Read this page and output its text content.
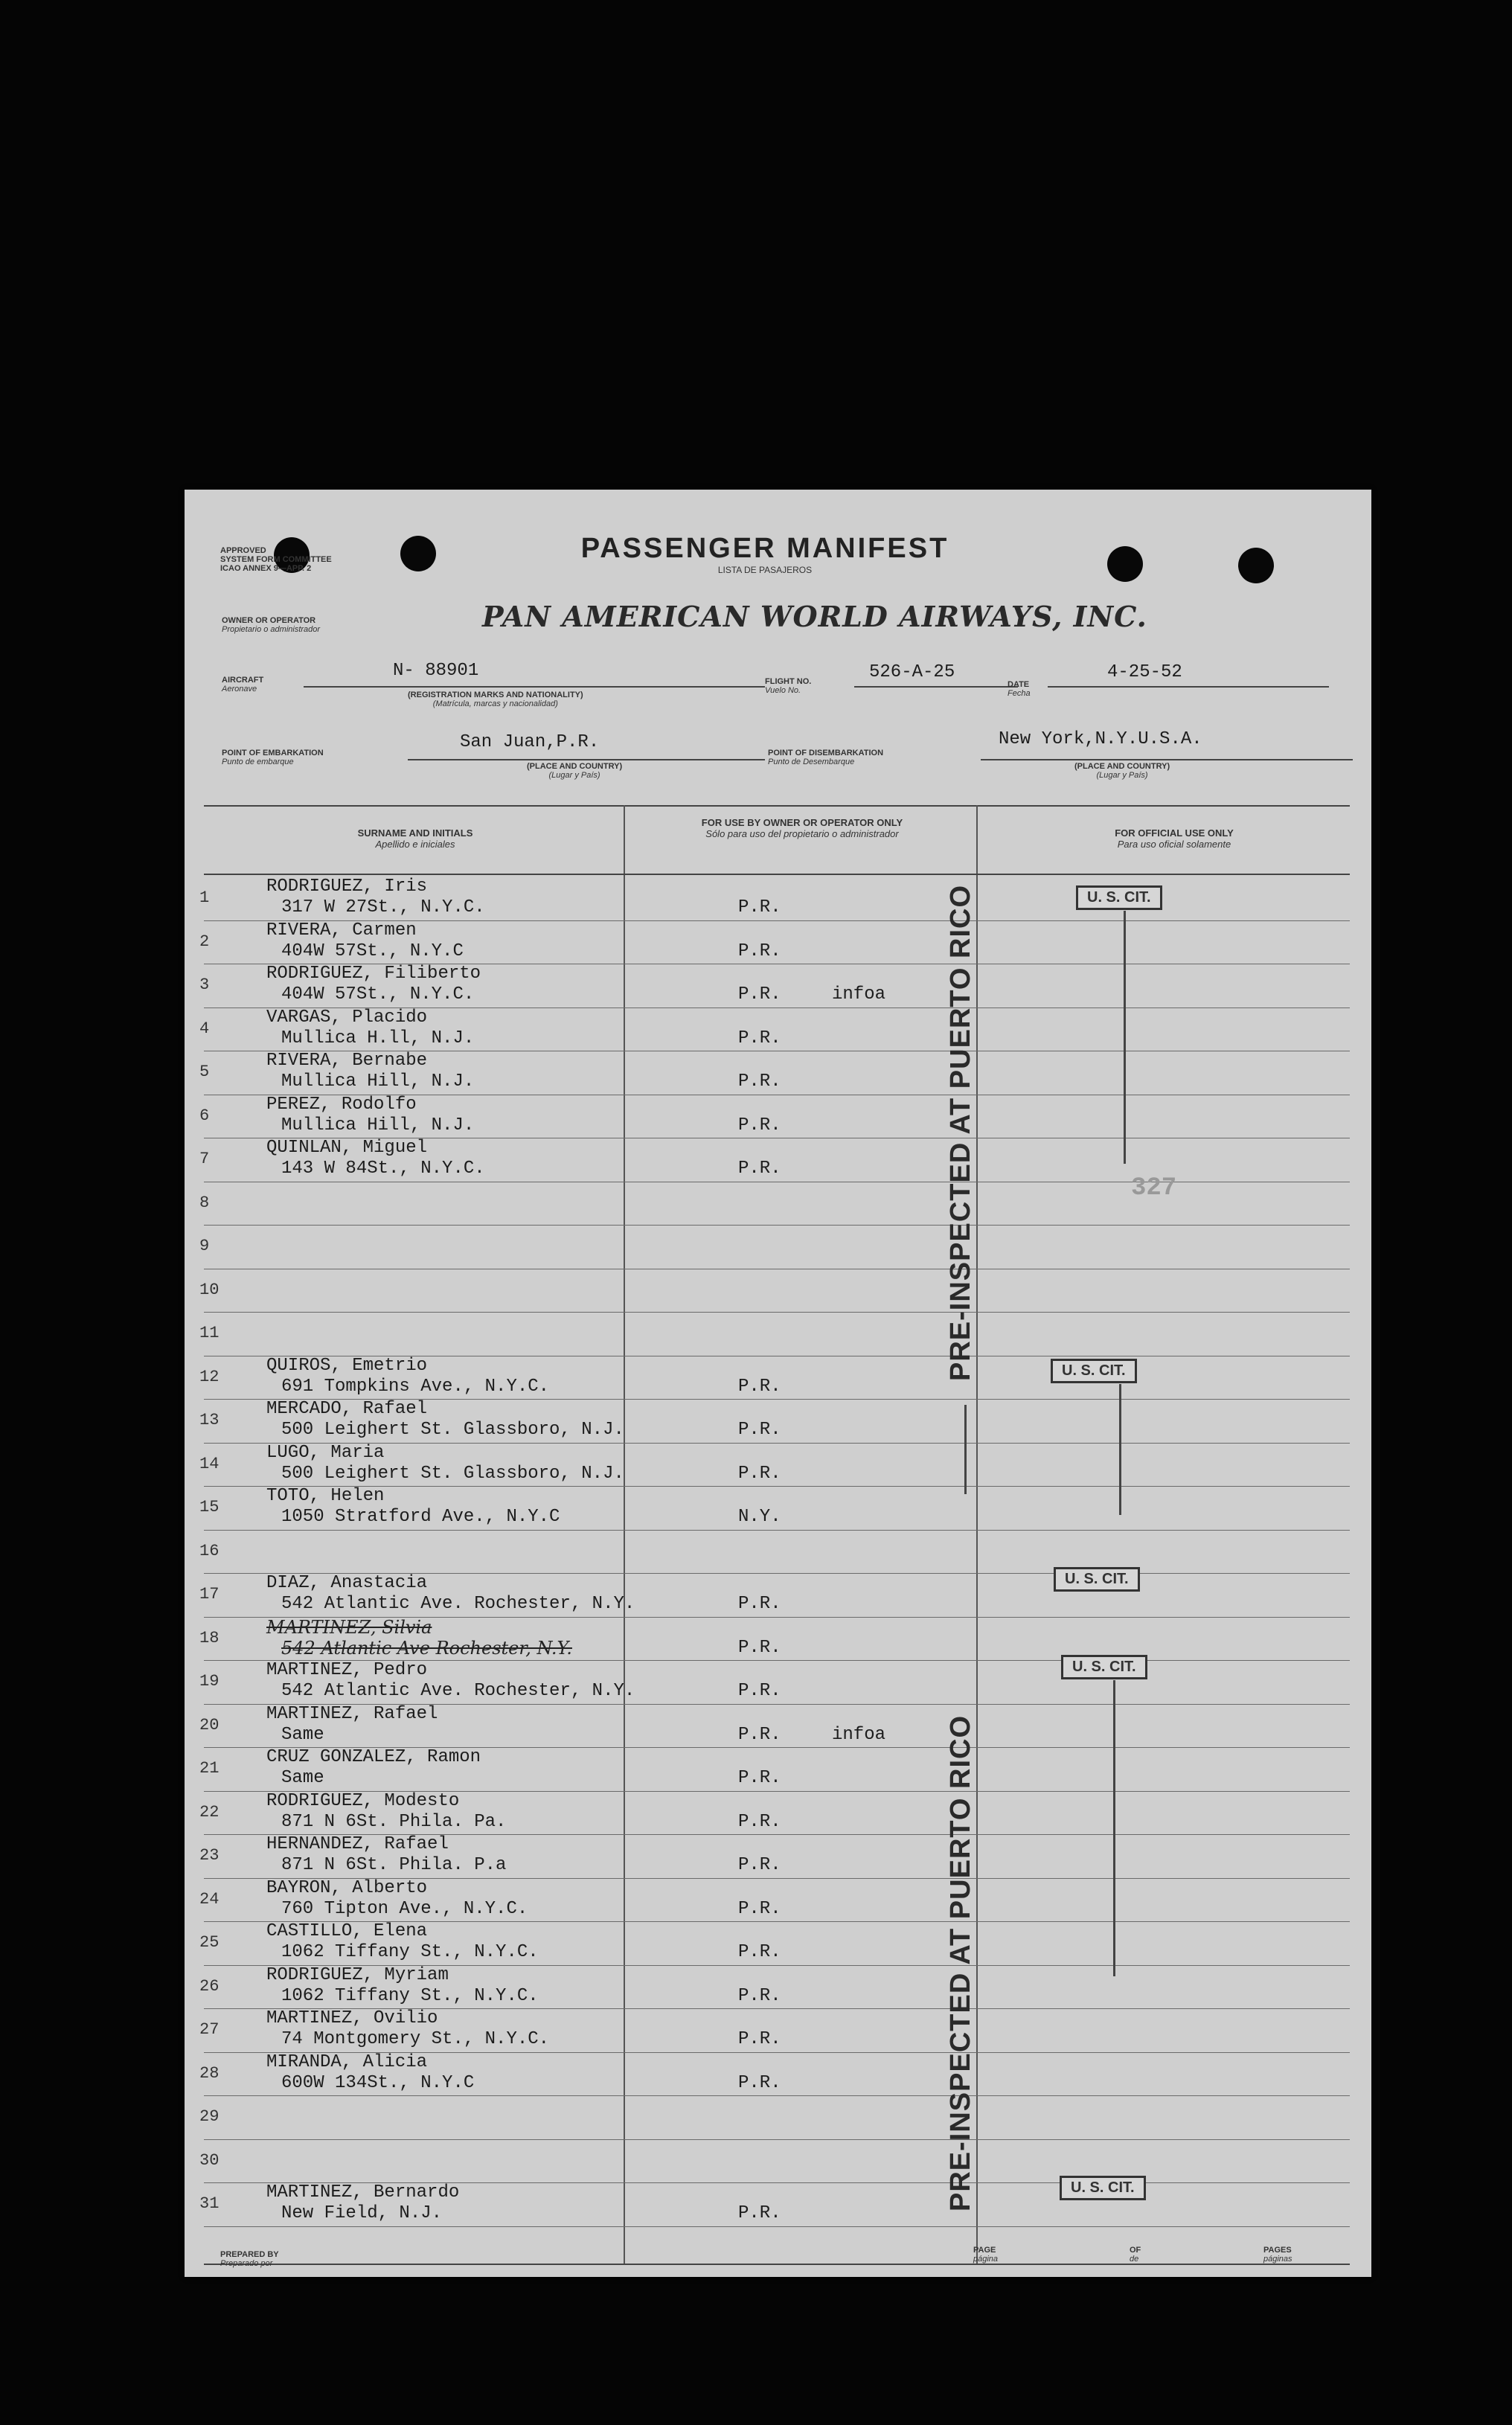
APPROVED
SYSTEM FORM COMMITTEE
ICAO ANNEX 9—APP. 2
PASSENGER MANIFEST
LISTA DE PASAJEROS
OWNER OR OPERATOR
Propietario o administrador	PAN AMERICAN WORLD AIRWAYS, INC.
AIRCRAFT
Aeronave
N- 88901
(REGISTRATION MARKS AND NATIONALITY)
(Matrícula, marcas y nacionalidad)
FLIGHT NO.
Vuelo No.
526-A-25
DATE
Fecha
4-25-52
POINT OF EMBARKATION
Punto de embarque
San Juan,P.R.
(PLACE AND COUNTRY)
(Lugar y País)
POINT OF DISEMBARKATION
Punto de Desembarque
New York,N.Y.U.S.A.
(PLACE AND COUNTRY)
(Lugar y País)
SURNAME AND INITIALS
Apellido e iniciales
FOR USE BY OWNER OR OPERATOR ONLY
Sólo para uso del propietario o administrador	FOR OFFICIAL USE ONLY
Para uso oficial solamente
1
RODRIGUEZ, Iris
317 W 27St., N.Y.C.	P.R.
2
RIVERA, Carmen
404W 57St., N.Y.C	P.R.
3
RODRIGUEZ, Filiberto
404W 57St., N.Y.C.	P.R.	infoa
4
VARGAS, Placido
Mullica H.ll, N.J.	P.R.
5
RIVERA, Bernabe
Mullica Hill, N.J.	P.R.
6
PEREZ, Rodolfo
Mullica Hill, N.J.	P.R.
7
QUINLAN, Miguel
143 W 84St., N.Y.C.	P.R.
8
9
10
11
12
QUIROS, Emetrio
691 Tompkins Ave., N.Y.C.	P.R.
13
MERCADO, Rafael
500 Leighert St. Glassboro, N.J.	P.R.
14
LUGO, Maria
500 Leighert St. Glassboro, N.J.	P.R.
15
TOTO, Helen
1050 Stratford Ave., N.Y.C	N.Y.
16
17
DIAZ, Anastacia
542 Atlantic Ave. Rochester, N.Y.	P.R.
18
MARTINEZ, Silvia
542 Atlantic Ave Rochester, N.Y.	P.R.
19
MARTINEZ, Pedro
542 Atlantic Ave. Rochester, N.Y.	P.R.
20
MARTINEZ, Rafael
Same	P.R.	infoa
21
CRUZ GONZALEZ, Ramon
Same	P.R.
22
RODRIGUEZ, Modesto
871 N 6St. Phila. Pa.	P.R.
23
HERNANDEZ, Rafael
871 N 6St. Phila. P.a	P.R.
24
BAYRON, Alberto
760 Tipton Ave., N.Y.C.	P.R.
25
CASTILLO, Elena
1062 Tiffany St., N.Y.C.	P.R.
26
RODRIGUEZ, Myriam
1062 Tiffany St., N.Y.C.	P.R.
27
MARTINEZ, Ovilio
74 Montgomery St., N.Y.C.	P.R.
28
MIRANDA, Alicia
600W 134St., N.Y.C	P.R.
29
30
31
MARTINEZ, Bernardo
New Field, N.J.	P.R.
U. S. CIT.
327
U. S. CIT.
U. S. CIT.
U. S. CIT.
U. S. CIT.
PRE-INSPECTED AT PUERTO RICO
PRE-INSPECTED AT PUERTO RICO
PREPARED BY
Preparado por
PAGE
página
OF
de
PAGES
páginas
